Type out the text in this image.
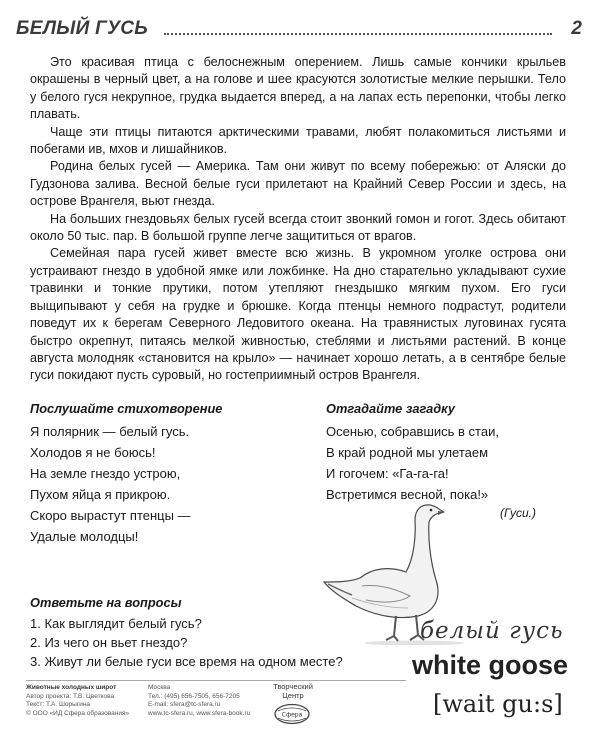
БЕЛЫЙ ГУСЬ	2

Это красивая птица с белоснежным оперением. Лишь самые кончики крыльев окрашены в черный цвет, а на голове и шее красуются золотистые мелкие перышки. Тело у белого гуся некрупное, грудка выдается вперед, а на лапах есть перепонки, чтобы легко плавать.

Чаще эти птицы питаются арктическими травами, любят полакомиться листьями и побегами ив, мхов и лишайников.

Родина белых гусей — Америка. Там они живут по всему побережью: от Аляски до Гудзонова залива. Весной белые гуси прилетают на Крайний Север России и здесь, на острове Врангеля, вьют гнезда.

На больших гнездовьях белых гусей всегда стоит звонкий гомон и гогот. Здесь обитают около 50 тыс. пар. В большой группе легче защититься от врагов.

Семейная пара гусей живет вместе всю жизнь. В укромном уголке острова они устраивают гнездо в удобной ямке или ложбинке. На дно старательно укладывают сухие травинки и тонкие прутики, потом утепляют гнездышко мягким пухом. Его гуси выщипывают у себя на грудке и брюшке. Когда птенцы немного подрастут, родители поведут их к берегам Северного Ледовитого океана. На травянистых луговинах гусята быстро окрепнут, питаясь мелкой живностью, стеблями и листьями растений. В конце августа молодняк «становится на крыло» — начинает хорошо летать, а в сентябре белые гуси покидают пусть суровый, но гостеприимный остров Врангеля.

Послушайте стихотворение
Я полярник — белый гусь.
Холодов я не боюсь!
На земле гнездо устрою,
Пухом яйца я прикрою.
Скоро вырастут птенцы —
Удалые молодцы!
Отгадайте загадку
Осенью, собравшись в стаи,
В край родной мы улетаем
И гогочем: «Га-га-га!
Встретимся весной, пока!»
(Гуси.)
Ответьте на вопросы
1. Как выглядит белый гусь?
2. Из чего он вьет гнездо?
3. Живут ли белые гуси все время на одном месте?
белый гусь
white goose
[wait gu:s]
Животные холодных широт
Автор проекта: Т.В. Цветкова
Текст: Т.А. Шорыгина
© ООО «ИД Сфера образования»
Москва
Тел.: (495) 656-7505, 656-7205
E-mail: sfera@tc-sfera.ru
www.tc-sfera.ru, www.sfera-book.ru
Творческий Центр
Сфера
